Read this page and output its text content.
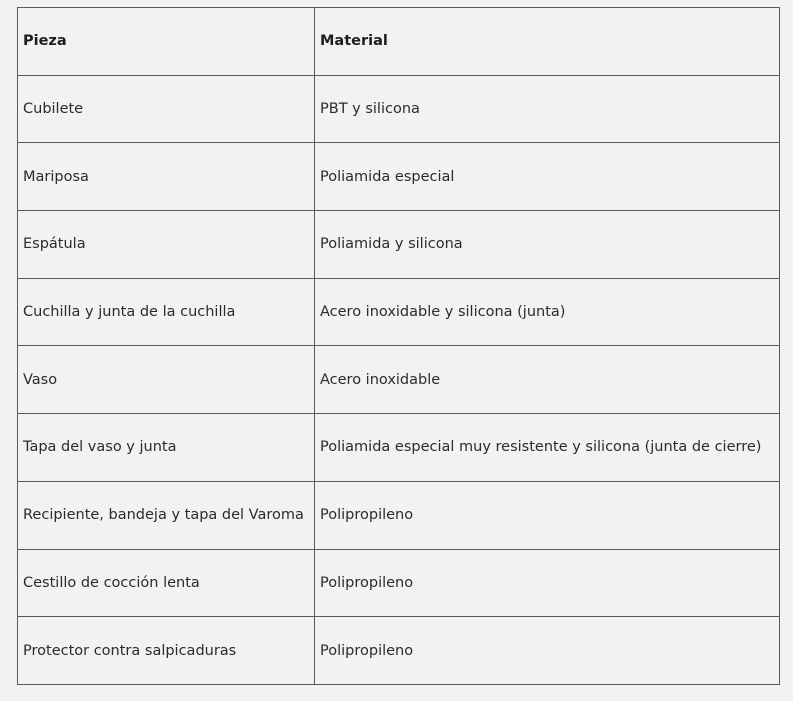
Pieza	Material
Cubilete	PBT y silicona
Mariposa	Poliamida especial
Espátula	Poliamida y silicona
Cuchilla y junta de la cuchilla	Acero inoxidable y silicona (junta)
Vaso	Acero inoxidable
Tapa del vaso y junta	Poliamida especial muy resistente y silicona (junta de cierre)
Recipiente, bandeja y tapa del Varoma	Polipropileno
Cestillo de cocción lenta	Polipropileno
Protector contra salpicaduras	Polipropileno
